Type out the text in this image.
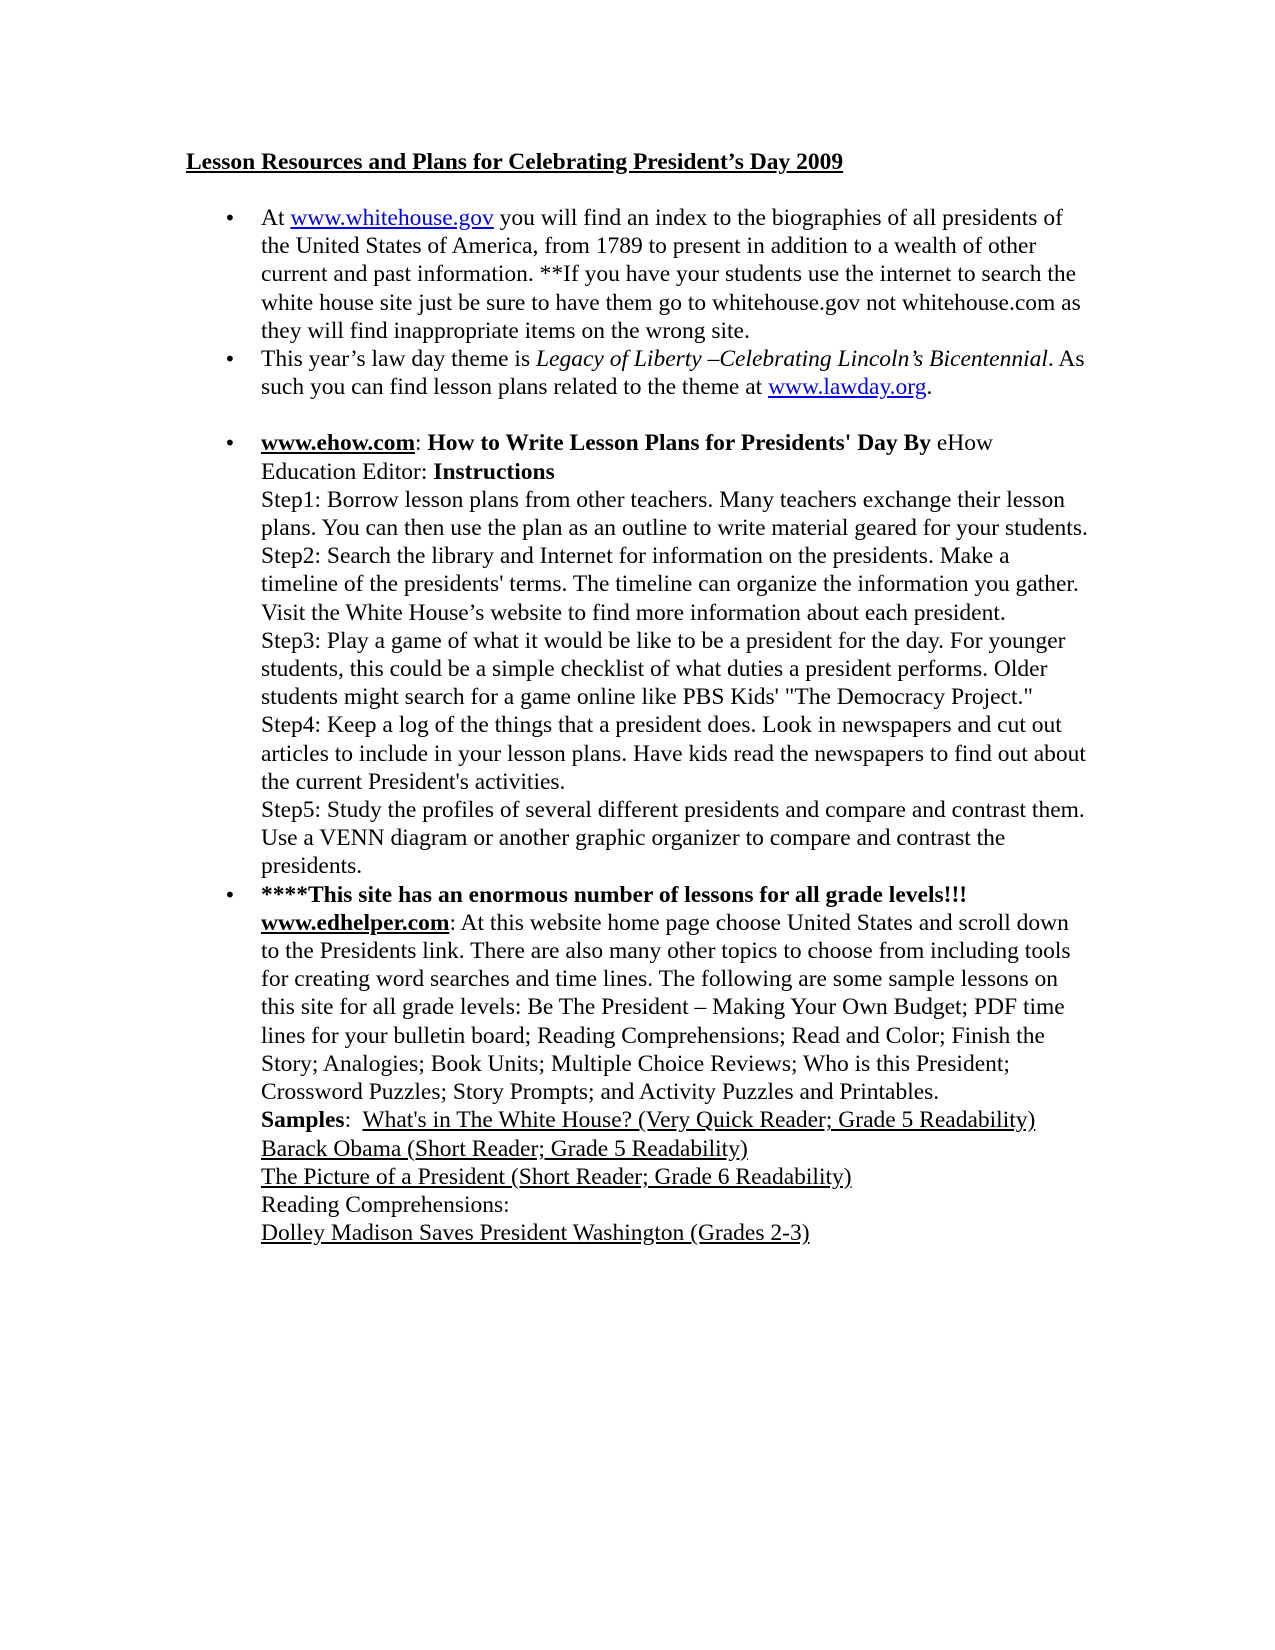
Lesson Resources and Plans for Celebrating President’s Day 2009
•
At www.whitehouse.gov you will find an index to the biographies of all presidents of the United States of America, from 1789 to present in addition to a wealth of other current and past information. **If you have your students use the internet to search the white house site just be sure to have them go to whitehouse.gov not whitehouse.com as they will find inappropriate items on the wrong site.
•
This year’s law day theme is Legacy of Liberty –Celebrating Lincoln’s Bicentennial. As such you can find lesson plans related to the theme at www.lawday.org.
•
www.ehow.com: How to Write Lesson Plans for Presidents' Day By eHow Education Editor: Instructions
Step1: Borrow lesson plans from other teachers. Many teachers exchange their lesson plans. You can then use the plan as an outline to write material geared for your students.
Step2: Search the library and Internet for information on the presidents. Make a timeline of the presidents' terms. The timeline can organize the information you gather. Visit the White House’s website to find more information about each president.
Step3: Play a game of what it would be like to be a president for the day. For younger students, this could be a simple checklist of what duties a president performs. Older students might search for a game online like PBS Kids' "The Democracy Project."
Step4: Keep a log of the things that a president does. Look in newspapers and cut out articles to include in your lesson plans. Have kids read the newspapers to find out about the current President's activities.
Step5: Study the profiles of several different presidents and compare and contrast them. Use a VENN diagram or another graphic organizer to compare and contrast the presidents.
•
****This site has an enormous number of lessons for all grade levels!!!
www.edhelper.com: At this website home page choose United States and scroll down to the Presidents link. There are also many other topics to choose from including tools for creating word searches and time lines. The following are some sample lessons on this site for all grade levels: Be The President – Making Your Own Budget; PDF time lines for your bulletin board; Reading Comprehensions; Read and Color; Finish the Story; Analogies; Book Units; Multiple Choice Reviews; Who is this President; Crossword Puzzles; Story Prompts; and Activity Puzzles and Printables.
Samples:  What's in The White House? (Very Quick Reader; Grade 5 Readability)
Barack Obama (Short Reader; Grade 5 Readability)
The Picture of a President (Short Reader; Grade 6 Readability)
Reading Comprehensions:
Dolley Madison Saves President Washington (Grades 2-3)
